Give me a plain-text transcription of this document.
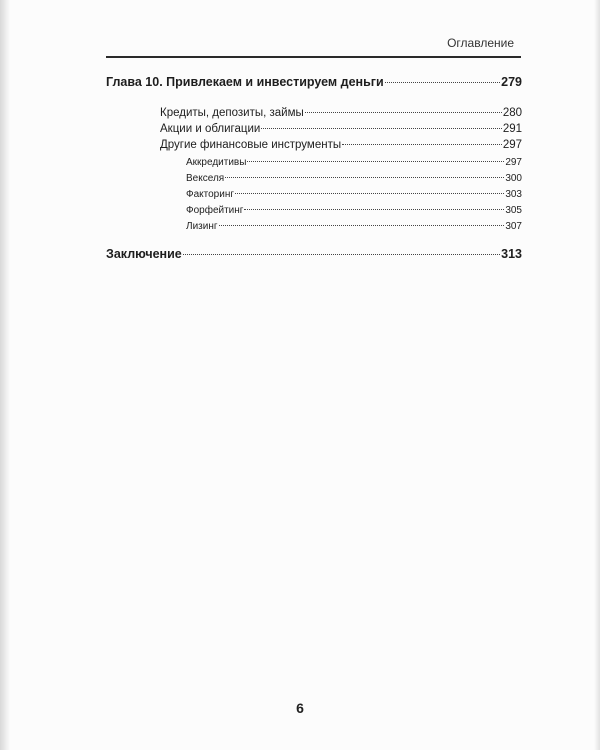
Оглавление
Глава 10. Привлекаем и инвестируем деньги	279
Кредиты, депозиты, займы	280
Акции и облигации	291
Другие финансовые инструменты	297
Аккредитивы	297
Векселя	300
Факторинг	303
Форфейтинг	305
Лизинг	307
Заключение	313
6
